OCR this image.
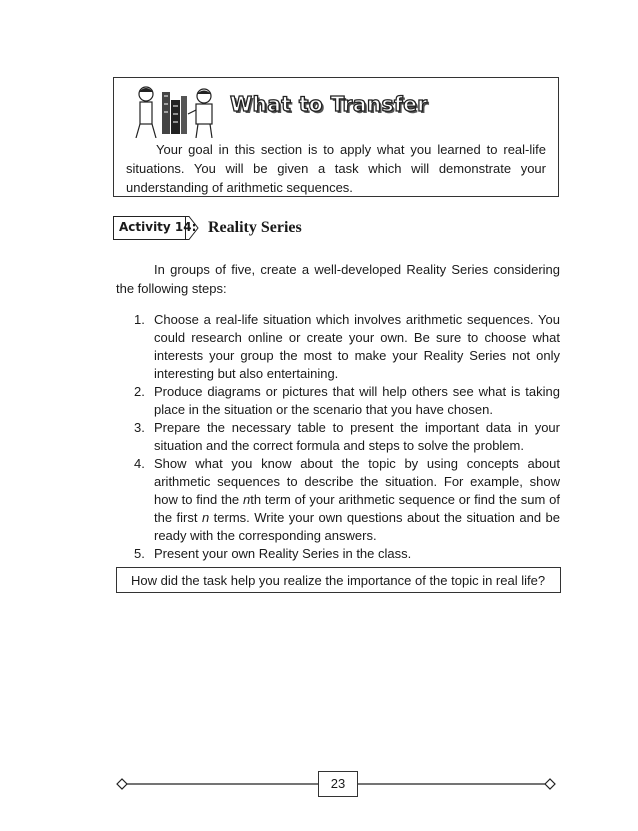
What to Transfer

Your goal in this section is to apply what you learned to real-life situations. You will be given a task which will demonstrate your understanding of arithmetic sequences.

Activity 14: Reality Series

In groups of five, create a well-developed Reality Series considering the following steps:

1. Choose a real-life situation which involves arithmetic sequences. You could research online or create your own. Be sure to choose what interests your group the most to make your Reality Series not only interesting but also entertaining.
2. Produce diagrams or pictures that will help others see what is taking place in the situation or the scenario that you have chosen.
3. Prepare the necessary table to present the important data in your situation and the correct formula and steps to solve the problem.
4. Show what you know about the topic by using concepts about arithmetic sequences to describe the situation. For example, show how to find the nth term of your arithmetic sequence or find the sum of the first n terms. Write your own questions about the situation and be ready with the corresponding answers.
5. Present your own Reality Series in the class.
How did the task help you realize the importance of the topic in real life?
23
